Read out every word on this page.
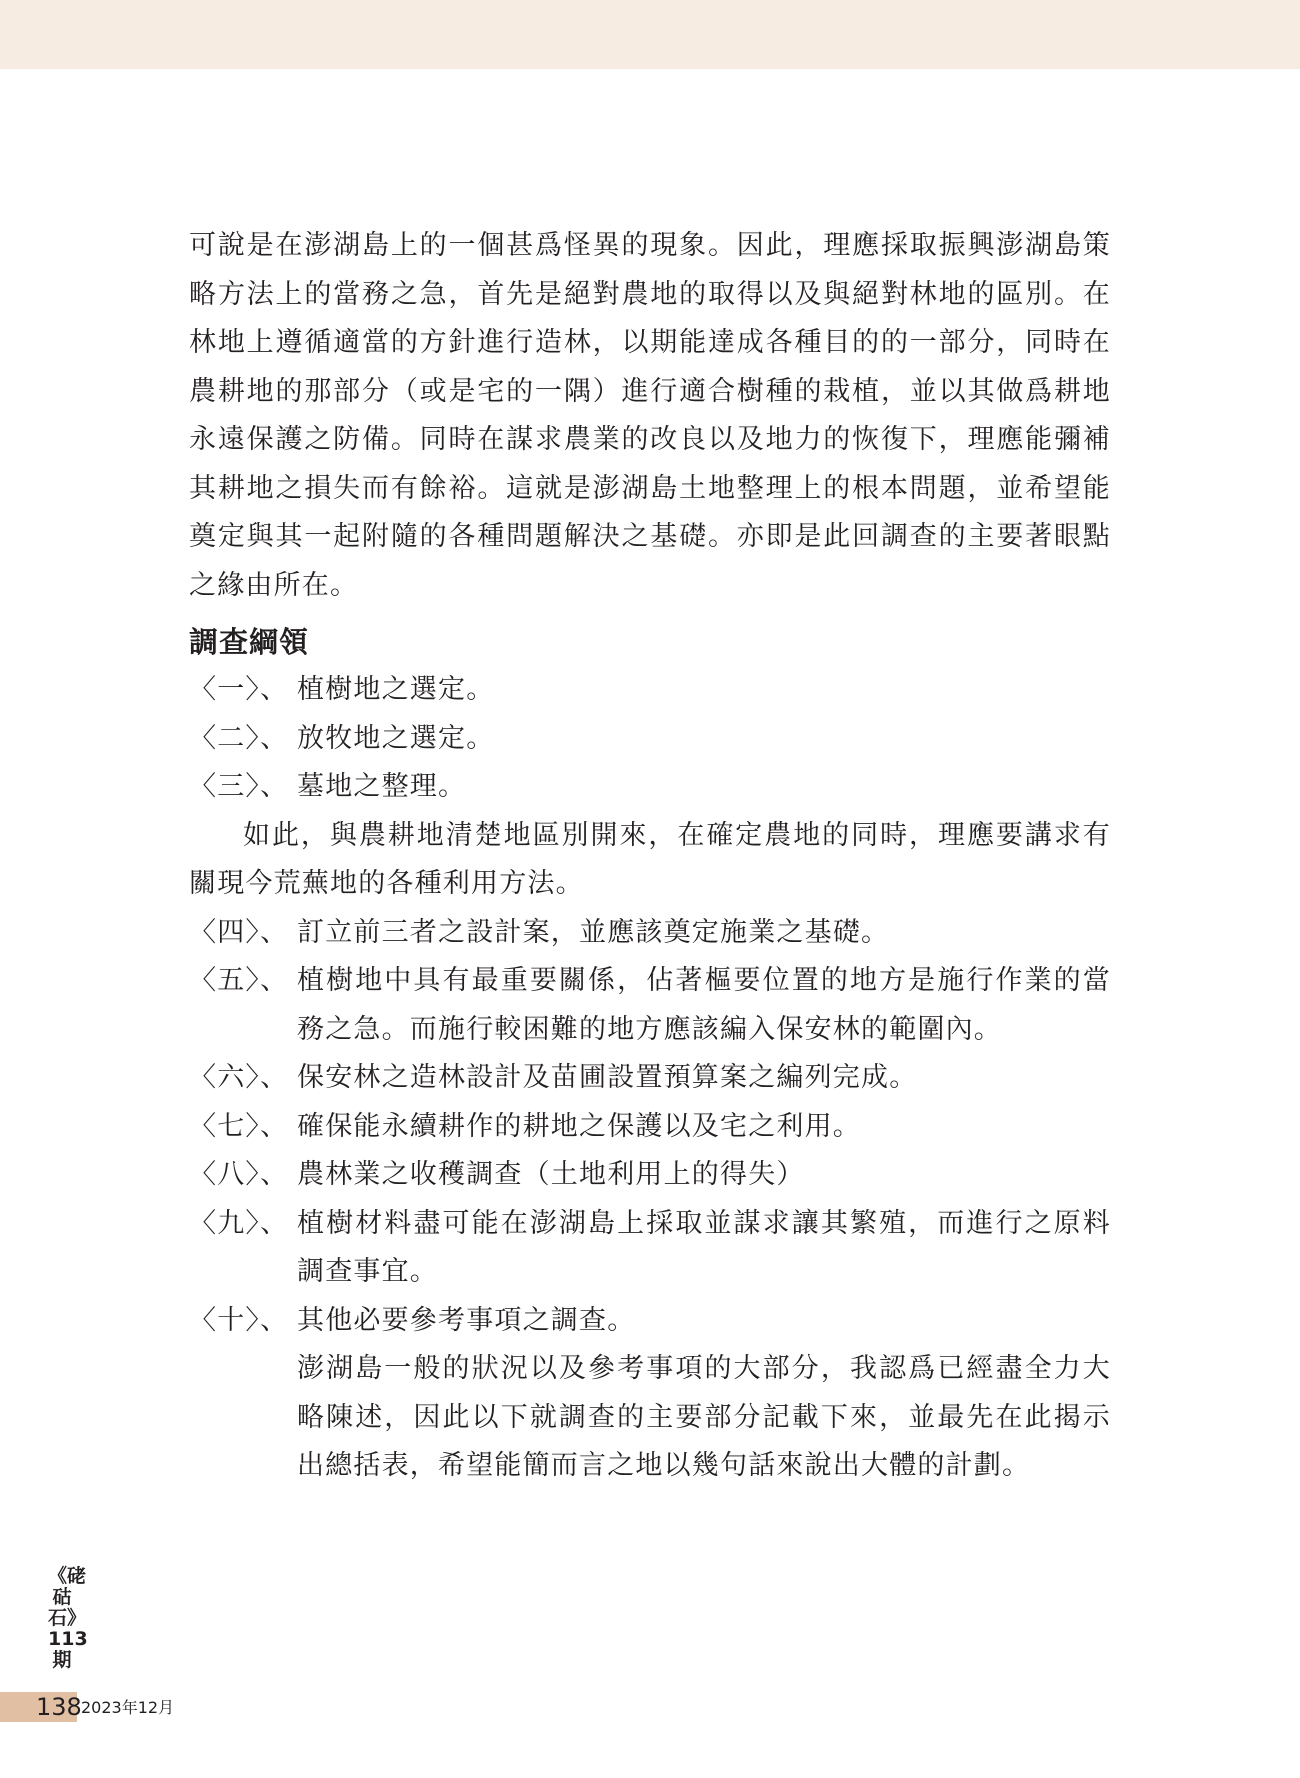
可說是在澎湖島上的一個甚爲怪異的現象。因此，理應採取振興澎湖島策略方法上的當務之急，首先是絕對農地的取得以及與絕對林地的區別。在林地上遵循適當的方針進行造林，以期能達成各種目的的一部分，同時在農耕地的那部分（或是宅的一隅）進行適合樹種的栽植，並以其做爲耕地永遠保護之防備。同時在謀求農業的改良以及地力的恢復下，理應能彌補其耕地之損失而有餘裕。這就是澎湖島土地整理上的根本問題，並希望能奠定與其一起附隨的各種問題解決之基礎。亦即是此回調查的主要著眼點之緣由所在。

調查綱領
〈一〉、 植樹地之選定。
〈二〉、 放牧地之選定。
〈三〉、 墓地之整理。

如此，與農耕地清楚地區別開來，在確定農地的同時，理應要講求有關現今荒蕪地的各種利用方法。

〈四〉、 訂立前三者之設計案，並應該奠定施業之基礎。
〈五〉、 植樹地中具有最重要關係，佔著樞要位置的地方是施行作業的當務之急。而施行較困難的地方應該編入保安林的範圍內。
〈六〉、 保安林之造林設計及苗圃設置預算案之編列完成。
〈七〉、 確保能永續耕作的耕地之保護以及宅之利用。
〈八〉、 農林業之收穫調查（土地利用上的得失）
〈九〉、 植樹材料盡可能在澎湖島上採取並謀求讓其繁殖，而進行之原料調查事宜。
〈十〉、 其他必要參考事項之調查。

澎湖島一般的狀況以及參考事項的大部分，我認爲已經盡全力大略陳述，因此以下就調查的主要部分記載下來，並最先在此揭示出總括表，希望能簡而言之地以幾句話來說出大體的計劃。

《硓𥑮石》113期
138 2023年12月
